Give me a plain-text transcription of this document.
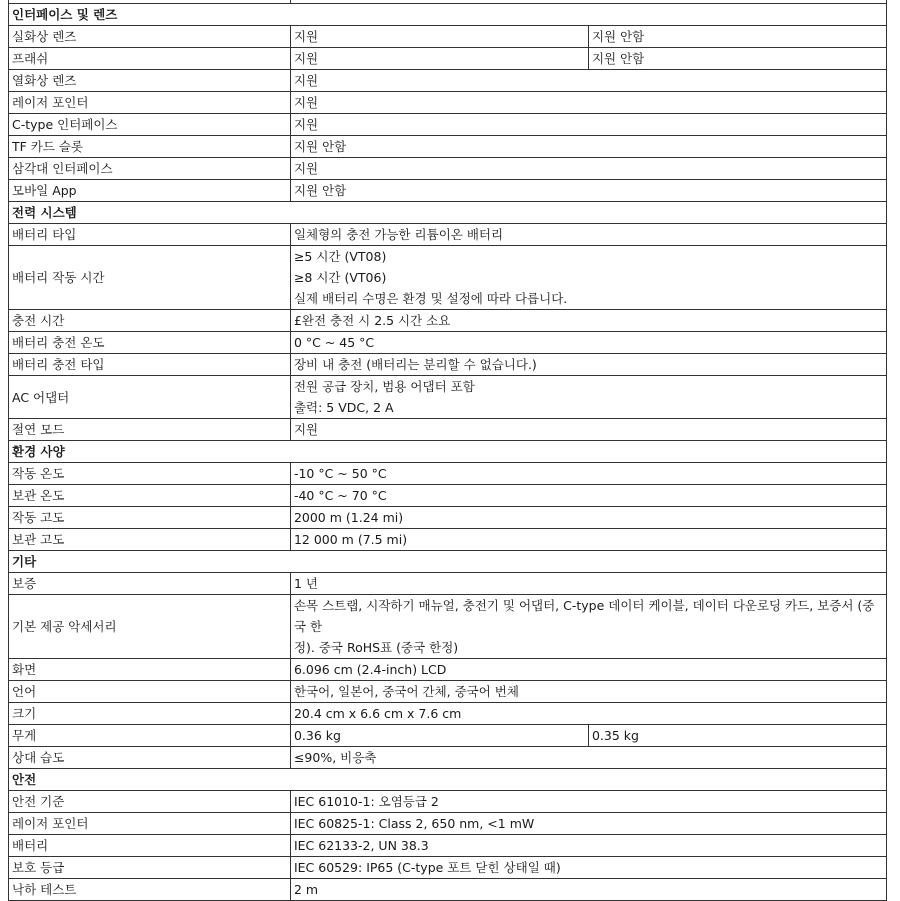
인터페이스 및 렌즈		
실화상 렌즈	지원	지원 안함
프래쉬	지원	지원 안함
열화상 렌즈	지원	
레이저 포인터	지원	
C-type 인터페이스	지원	
TF 카드 슬롯	지원 안함	
삼각대 인터페이스	지원	
모바일 App	지원 안함	
전력 시스템		
배터리 타입	일체형의 충전 가능한 리튬이온 배터리	
배터리 작동 시간	≥5 시간 (VT08)
≥8 시간 (VT06)
실제 배터리 수명은 환경 및 설정에 따라 다릅니다.	

충전 시간	£완전 충전 시 2.5 시간 소요	
배터리 충전 온도	0 °C ~ 45 °C	
배터리 충전 타입	장비 내 충전 (배터리는 분리할 수 없습니다.)	
AC 어댑터	전원 공급 장치, 범용 어댑터 포함
출력: 5 VDC, 2 A	

절연 모드	지원	
환경 사양		
작동 온도	-10 °C ~ 50 °C	
보관 온도	-40 °C ~ 70 °C	
작동 고도	2000 m (1.24 mi)	
보관 고도	12 000 m (7.5 mi)	
기타		
보증	1 년	
기본 제공 악세서리	손목 스트랩, 시작하기 매뉴얼, 충전기 및 어댑터, C-type 데이터 케이블, 데이터 다운로딩 카드, 보증서 (중국 한
정). 중국 RoHS표 (중국 한정)	

화면	6.096 cm (2.4-inch) LCD	
언어	한국어, 일본어, 중국어 간체, 중국어 번체	
크기	20.4 cm x 6.6 cm x 7.6 cm	
무게	0.36 kg	0.35 kg
상대 습도	≤90%, 비응축	
안전		
안전 기준	IEC 61010-1: 오염등급 2	
레이저 포인터	IEC 60825-1: Class 2, 650 nm, <1 mW	
배터리	IEC 62133-2, UN 38.3	
보호 등급	IEC 60529: IP65 (C-type 포트 닫힌 상태일 때)	
낙하 테스트	2 m	
